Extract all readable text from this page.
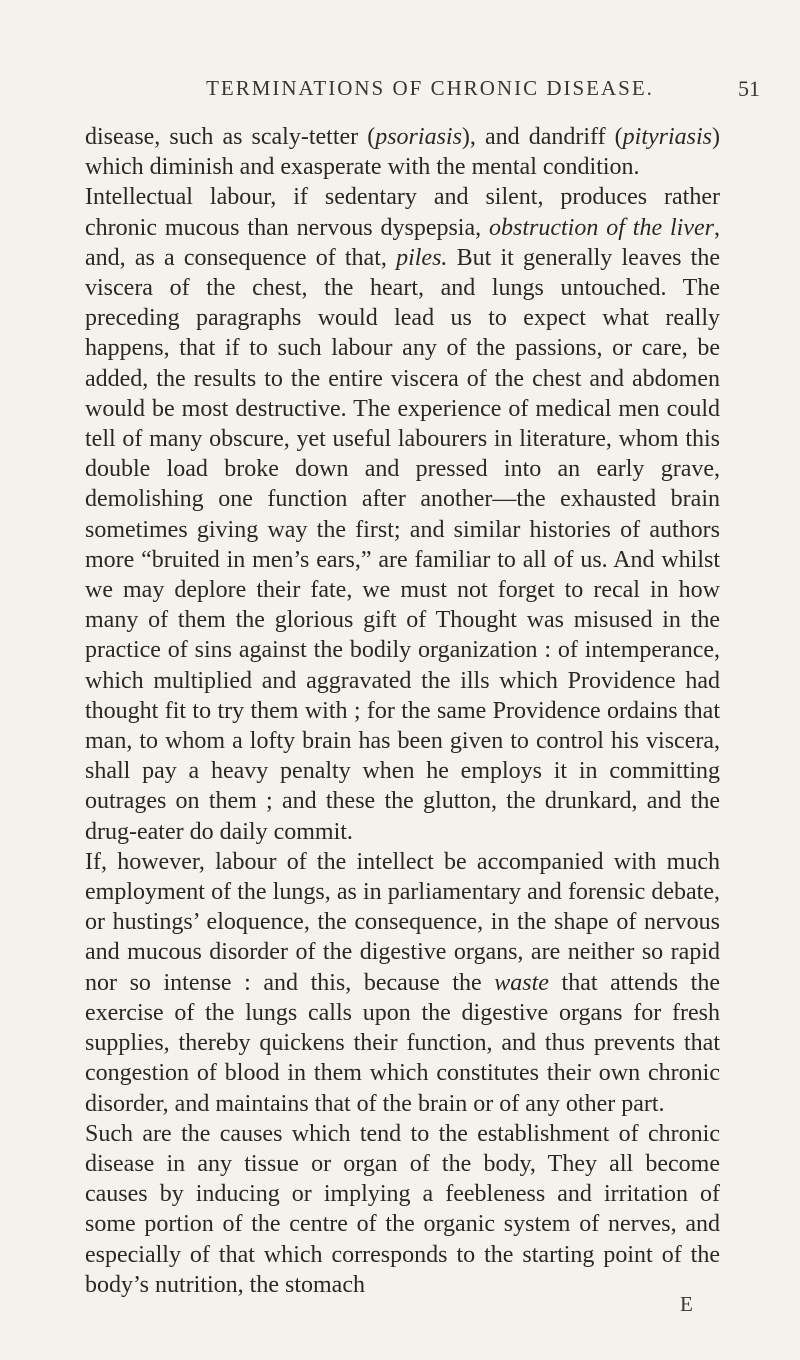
TERMINATIONS OF CHRONIC DISEASE.	51

disease, such as scaly-tetter (psoriasis), and dandriff (pityriasis) which diminish and exasperate with the mental condition.

Intellectual labour, if sedentary and silent, produces rather chronic mucous than nervous dyspepsia, obstruction of the liver, and, as a consequence of that, piles. But it generally leaves the viscera of the chest, the heart, and lungs untouched. The preceding paragraphs would lead us to expect what really happens, that if to such labour any of the passions, or care, be added, the results to the entire viscera of the chest and abdomen would be most destructive. The experience of medical men could tell of many obscure, yet useful labourers in literature, whom this double load broke down and pressed into an early grave, demolishing one function after another—the exhausted brain sometimes giving way the first; and similar histories of authors more “bruited in men’s ears,” are familiar to all of us. And whilst we may deplore their fate, we must not forget to recal in how many of them the glorious gift of Thought was misused in the practice of sins against the bodily organization : of intemperance, which multiplied and aggravated the ills which Providence had thought fit to try them with ; for the same Providence ordains that man, to whom a lofty brain has been given to control his viscera, shall pay a heavy penalty when he employs it in committing outrages on them ; and these the glutton, the drunkard, and the drug-eater do daily commit.

If, however, labour of the intellect be accompanied with much employment of the lungs, as in parliamentary and forensic debate, or hustings’ eloquence, the consequence, in the shape of nervous and mucous disorder of the digestive organs, are neither so rapid nor so intense : and this, because the waste that attends the exercise of the lungs calls upon the digestive organs for fresh supplies, thereby quickens their function, and thus prevents that congestion of blood in them which constitutes their own chronic disorder, and maintains that of the brain or of any other part.

Such are the causes which tend to the establishment of chronic disease in any tissue or organ of the body, They all become causes by inducing or implying a feebleness and irritation of some portion of the centre of the organic system of nerves, and especially of that which corresponds to the starting point of the body’s nutrition, the stomach

E
